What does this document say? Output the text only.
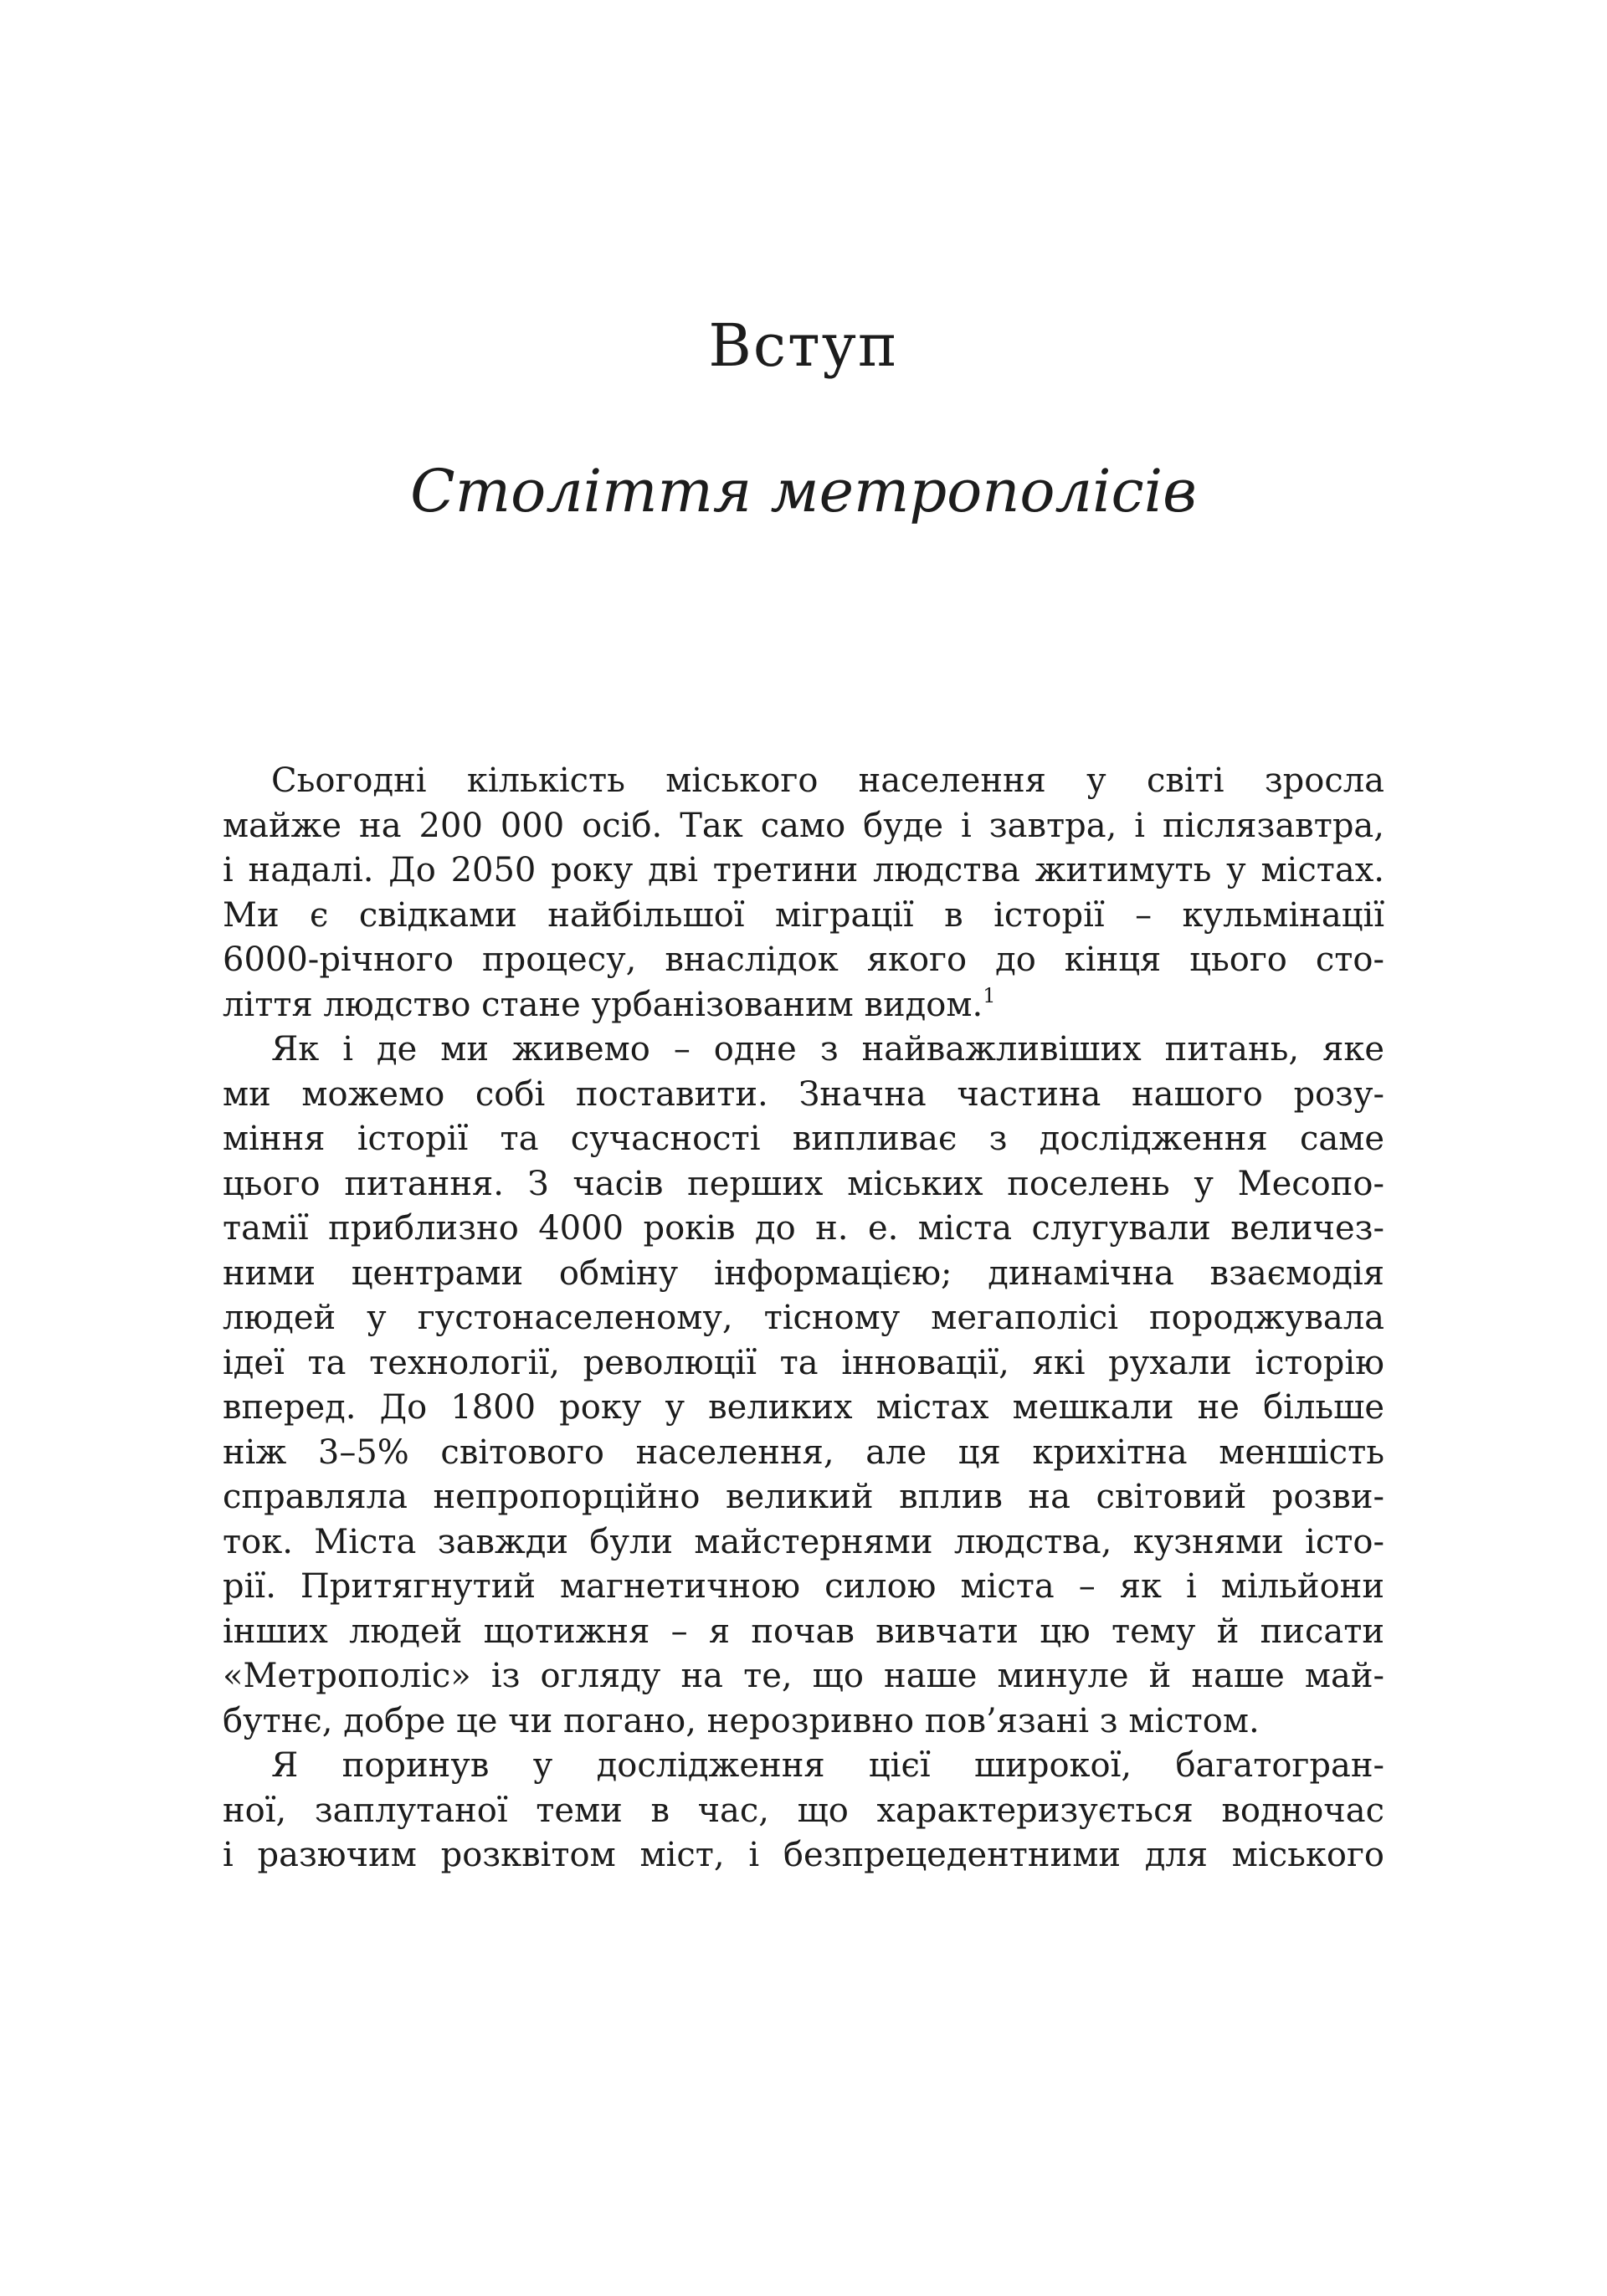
Вступ
Століття метрополісів

Сьогодні кількість міського населення у світі зросла
майже на 200 000 осіб. Так само буде і завтра, і післязавтра,
і надалі. До 2050 року дві третини людства житимуть у містах.
Ми є свідками найбільшої міграції в історії – кульмінації
6000-річного процесу, внаслідок якого до кінця цього сто-
ліття людство стане урбанізованим видом.$^1$

Як і де ми живемо – одне з найважливіших питань, яке
ми можемо собі поставити. Значна частина нашого розу-
міння історії та сучасності випливає з дослідження саме
цього питання. З часів перших міських поселень у Месопо-
тамії приблизно 4000 років до н. е. міста слугували величез-
ними центрами обміну інформацією; динамічна взаємодія
людей у густонаселеному, тісному мегаполісі породжувала
ідеї та технології, революції та інновації, які рухали історію
вперед. До 1800 року у великих містах мешкали не більше
ніж 3–5% світового населення, але ця крихітна меншість
справляла непропорційно великий вплив на світовий розви-
ток. Міста завжди були майстернями людства, кузнями істо-
рії. Притягнутий магнетичною силою міста – як і мільйони
інших людей щотижня – я почав вивчати цю тему й писати
«Метрополіс» із огляду на те, що наше минуле й наше май-
бутнє, добре це чи погано, нерозривно пов’язані з містом.

Я поринув у дослідження цієї широкої, багатогран-
ної, заплутаної теми в час, що характеризується водночас
і разючим розквітом міст, і безпрецедентними для міського
